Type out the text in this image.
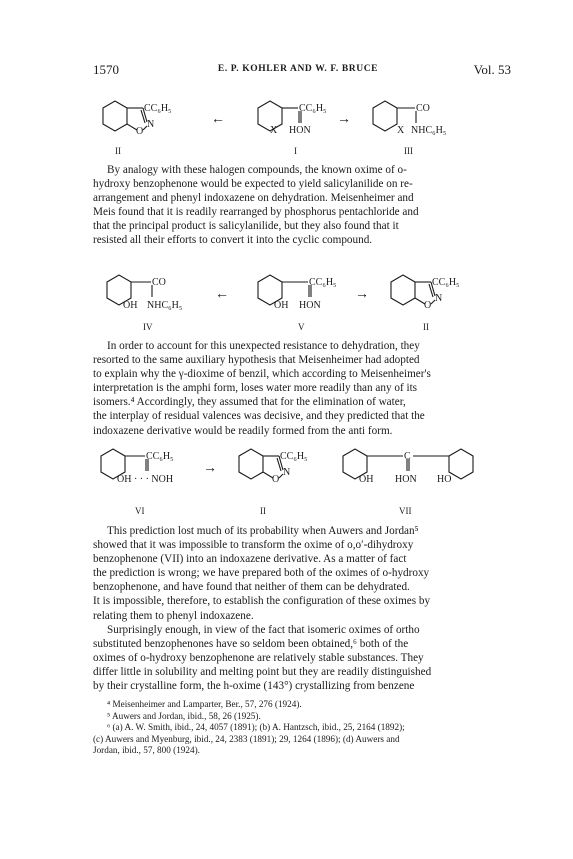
1570	E. P. KOHLER AND W. F. BRUCE	Vol. 53
CC₆H₅
N
O
II
←
CC₆H₅
X HON
I
→
CO
X NHC₆H₅
III
By analogy with these halogen compounds, the known oxime of o-
hydroxy benzophenone would be expected to yield salicylanilide on re-
arrangement and phenyl indoxazene on dehydration. Meisenheimer and
Meis found that it is readily rearranged by phosphorus pentachloride and
that the principal product is salicylanilide, but they also found that it
resisted all their efforts to convert it into the cyclic compound.
CO
OH NHC₆H₅
IV
←
CC₆H₅
OH HON
V
→
CC₆H₅
N
O
II
In order to account for this unexpected resistance to dehydration, they
resorted to the same auxiliary hypothesis that Meisenheimer had adopted
to explain why the γ-dioxime of benzil, which according to Meisenheimer's
interpretation is the amphi form, loses water more readily than any of its
isomers.⁴ Accordingly, they assumed that for the elimination of water,
the interplay of residual valences was decisive, and they predicted that the
indoxazene derivative would be readily formed from the anti form.
CC₆H₅
OH · · · NOH
VI
→
CC₆H₅
N
O
II
C
OH HON HO
VII
This prediction lost much of its probability when Auwers and Jordan⁵
showed that it was impossible to transform the oxime of o,o′-dihydroxy
benzophenone (VII) into an indoxazene derivative. As a matter of fact
the prediction is wrong; we have prepared both of the oximes of o-hydroxy
benzophenone, and have found that neither of them can be dehydrated.
It is impossible, therefore, to establish the configuration of these oximes by
relating them to phenyl indoxazene.
Surprisingly enough, in view of the fact that isomeric oximes of ortho
substituted benzophenones have so seldom been obtained,⁶ both of the
oximes of o-hydroxy benzophenone are relatively stable substances. They
differ little in solubility and melting point but they are readily distinguished
by their crystalline form, the h-oxime (143°) crystallizing from benzene
⁴ Meisenheimer and Lamparter, Ber., 57, 276 (1924).
⁵ Auwers and Jordan, ibid., 58, 26 (1925).
⁶ (a) A. W. Smith, ibid., 24, 4057 (1891); (b) A. Hantzsch, ibid., 25, 2164 (1892);
(c) Auwers and Myenburg, ibid., 24, 2383 (1891); 29, 1264 (1896); (d) Auwers and
Jordan, ibid., 57, 800 (1924).
